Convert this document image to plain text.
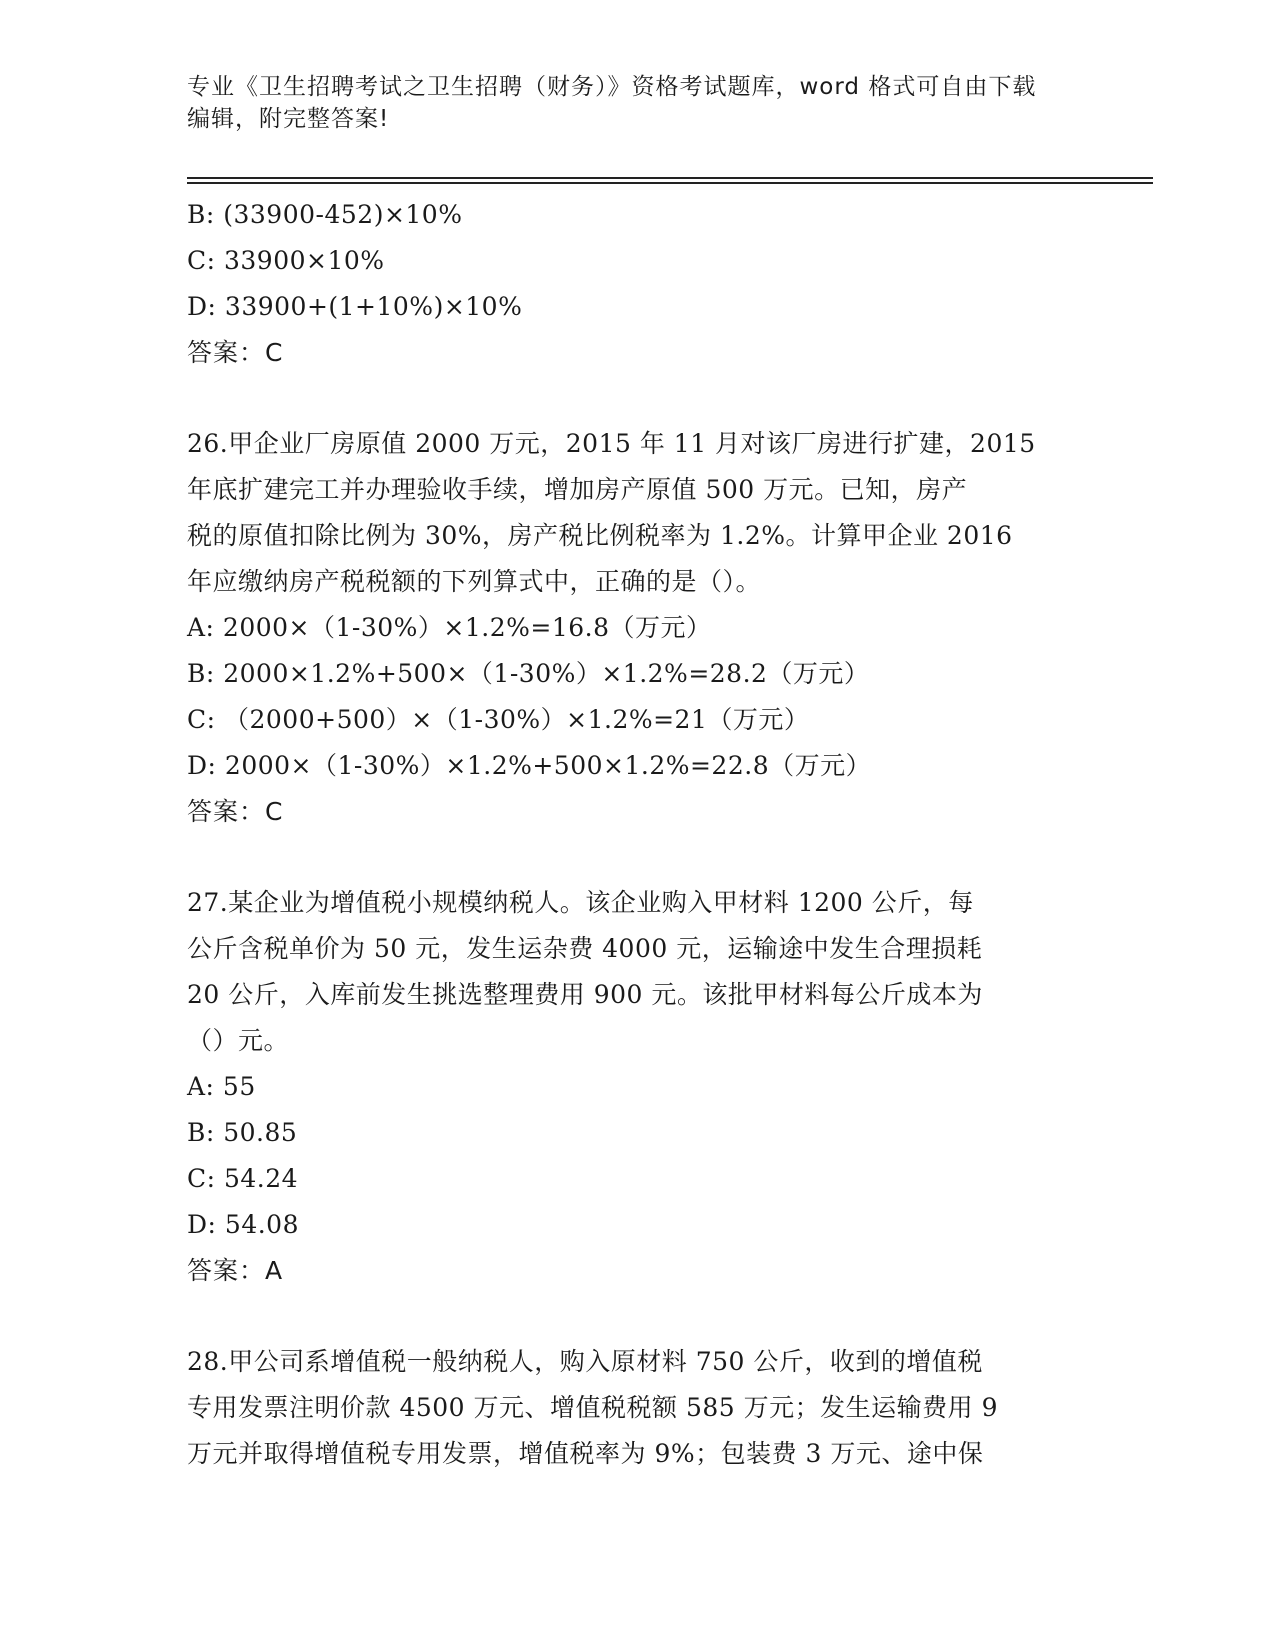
专业《卫生招聘考试之卫生招聘（财务）》资格考试题库，word 格式可自由下载
编辑，附完整答案!
B: (33900-452)×10%
C: 33900×10%
D: 33900+(1+10%)×10%
答案：C
26.甲企业厂房原值 2000 万元，2015 年 11 月对该厂房进行扩建，2015
年底扩建完工并办理验收手续，增加房产原值 500 万元。已知，房产
税的原值扣除比例为 30%，房产税比例税率为 1.2%。计算甲企业 2016
年应缴纳房产税税额的下列算式中，正确的是（）。
A: 2000×（1-30%）×1.2%=16.8（万元）
B: 2000×1.2%+500×（1-30%）×1.2%=28.2（万元）
C: （2000+500）×（1-30%）×1.2%=21（万元）
D: 2000×（1-30%）×1.2%+500×1.2%=22.8（万元）
答案：C
27.某企业为增值税小规模纳税人。该企业购入甲材料 1200 公斤，每
公斤含税单价为 50 元，发生运杂费 4000 元，运输途中发生合理损耗
20 公斤，入库前发生挑选整理费用 900 元。该批甲材料每公斤成本为
（）元。
A: 55
B: 50.85
C: 54.24
D: 54.08
答案：A
28.甲公司系增值税一般纳税人，购入原材料 750 公斤，收到的增值税
专用发票注明价款 4500 万元、增值税税额 585 万元；发生运输费用 9
万元并取得增值税专用发票，增值税率为 9%；包装费 3 万元、途中保
